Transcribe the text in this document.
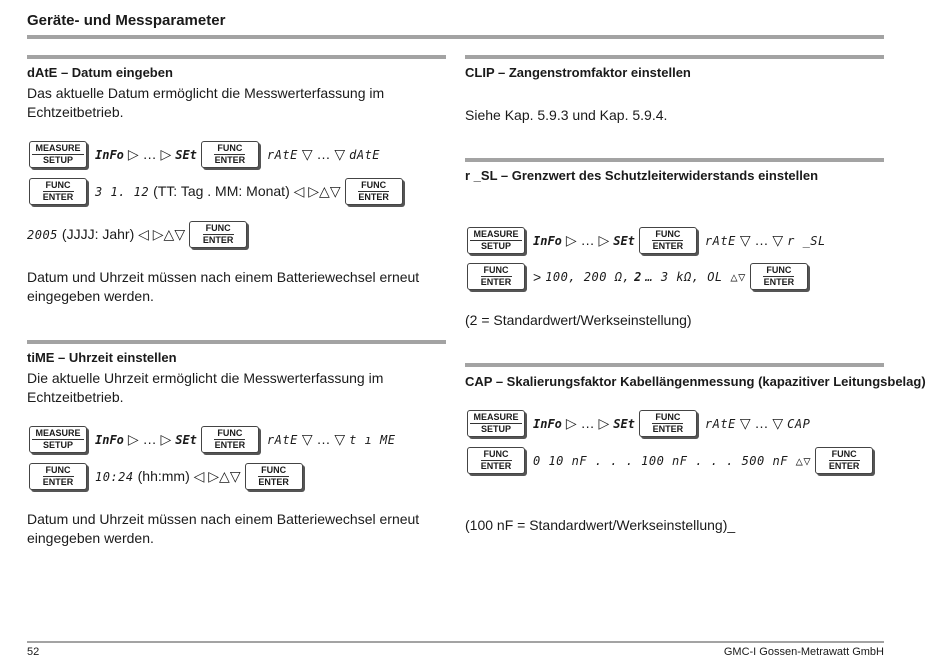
Geräte- und Messparameter
dAtE – Datum eingeben
Das aktuelle Datum ermöglicht die Messwerterfassung im Echtzeitbetrieb.
MEASURE
SETUP InFo ▷ … ▷ SEt	FUNC
ENTER rAtE ▽ … ▽ dAtE
FUNC
ENTER 3 1. 12 (TT: Tag . MM: Monat) ◁ ▷△▽	FUNC
ENTER
2005 (JJJJ: Jahr) ◁ ▷△▽	FUNC
ENTER
Datum und Uhrzeit müssen nach einem Batteriewechsel erneut eingegeben werden.
tiME – Uhrzeit einstellen
Die aktuelle Uhrzeit ermöglicht die Messwerterfassung im Echtzeitbetrieb.
MEASURE
SETUP InFo ▷ … ▷ SEt	FUNC
ENTER rAtE ▽ … ▽ t ı ME
FUNC
ENTER 10:24 (hh:mm) ◁ ▷△▽	FUNC
ENTER
Datum und Uhrzeit müssen nach einem Batteriewechsel erneut eingegeben werden.
CLIP – Zangenstromfaktor einstellen
Siehe Kap. 5.9.3 und Kap. 5.9.4.
r _SL – Grenzwert des Schutzleiterwiderstands einstellen
MEASURE
SETUP InFo ▷ … ▷ SEt	FUNC
ENTER rAtE ▽ … ▽ r _SL
FUNC
ENTER > 100, 200 Ω, 2 … 3 kΩ, OL △▽	FUNC
ENTER
(2 = Standardwert/Werkseinstellung)
CAP – Skalierungsfaktor Kabellängenmessung (kapazitiver Leitungsbelag)
MEASURE
SETUP InFo ▷ … ▷ SEt	FUNC
ENTER rAtE ▽ … ▽ CAP
FUNC
ENTER 0 10 nF . . . 100 nF . . . 500 nF △▽	FUNC
ENTER
(100 nF = Standardwert/Werkseinstellung)_
52	GMC-I Gossen-Metrawatt GmbH
